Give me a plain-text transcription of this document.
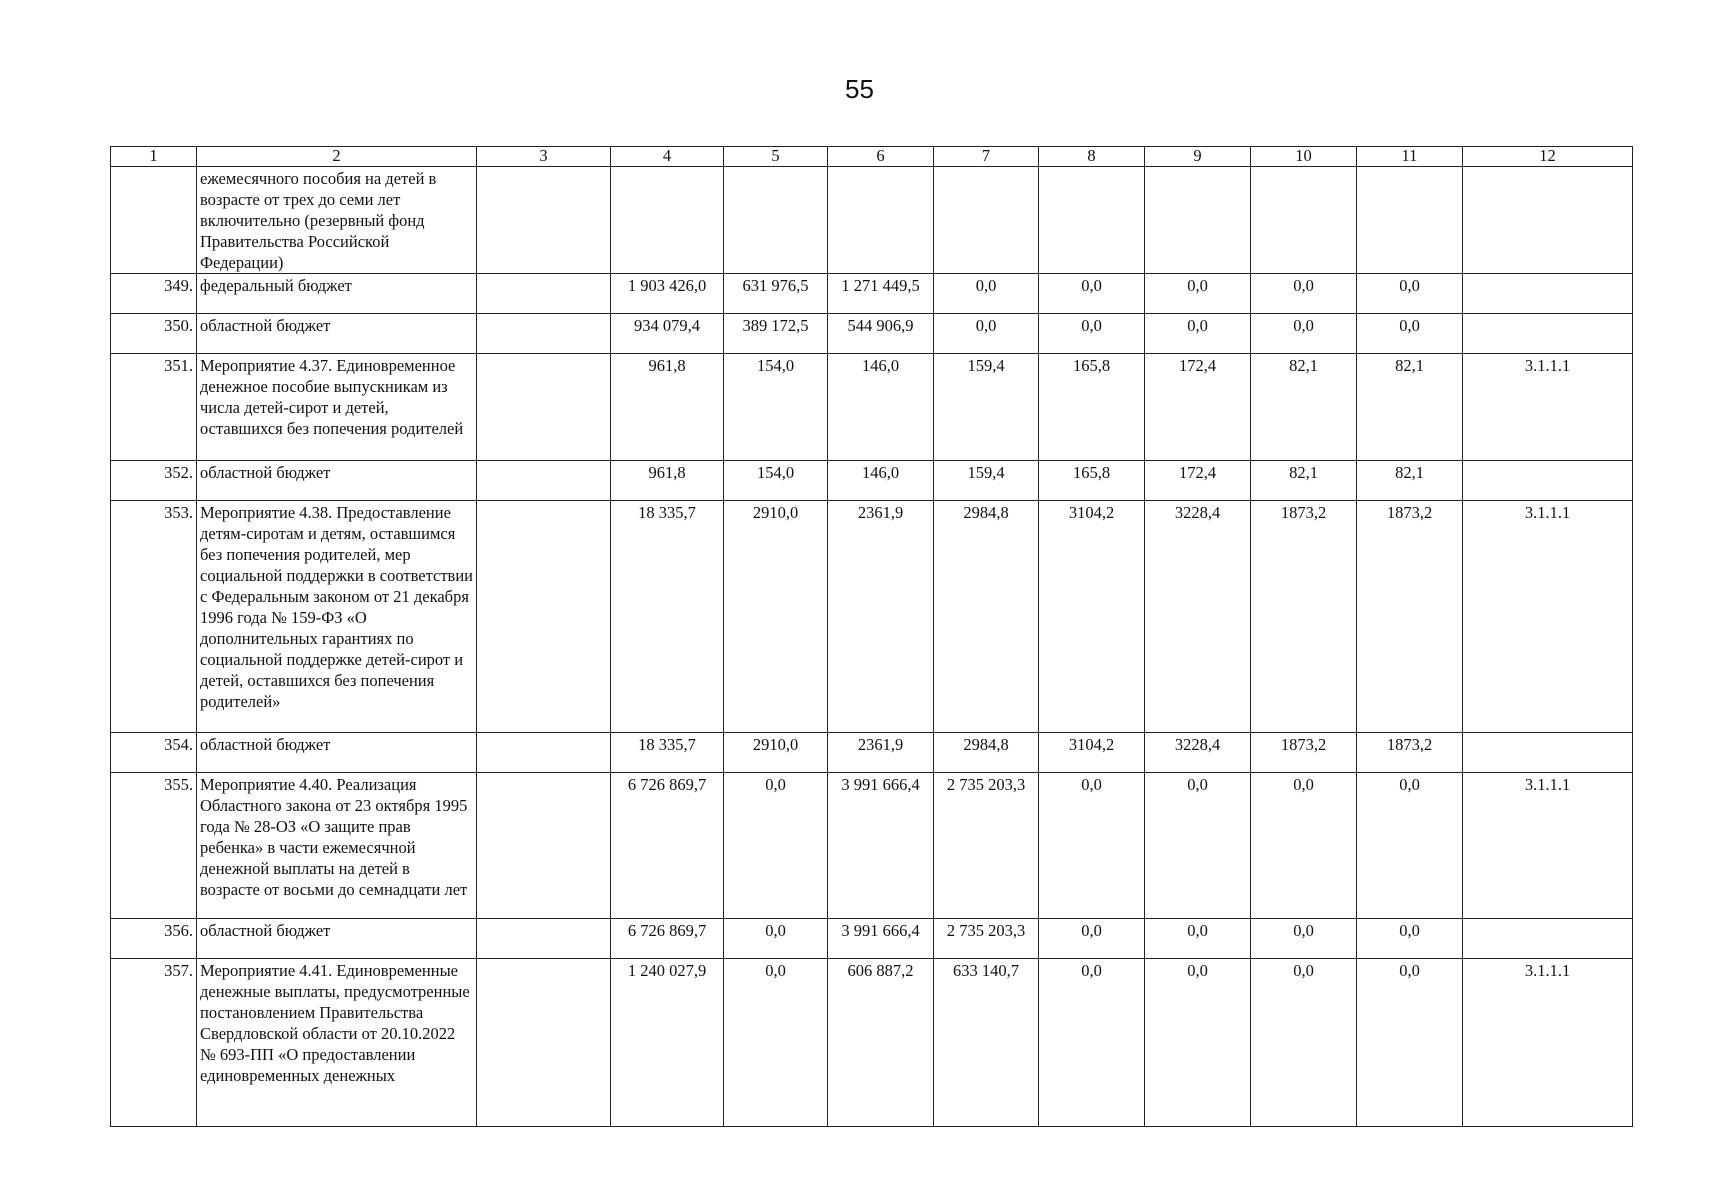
55
1	2	3	4	5	6	7	8	9	10	11	12
	ежемесячного пособия на детей в возрасте от трех до семи лет включительно (резервный фонд Правительства Российской Федерации)										
349.	федеральный бюджет		1 903 426,0	631 976,5	1 271 449,5	0,0	0,0	0,0	0,0	0,0	
350.	областной бюджет		934 079,4	389 172,5	544 906,9	0,0	0,0	0,0	0,0	0,0	
351.	Мероприятие 4.37. Единовременное денежное пособие выпускникам из числа детей-сирот и детей, оставшихся без попечения родителей		961,8	154,0	146,0	159,4	165,8	172,4	82,1	82,1	3.1.1.1
352.	областной бюджет		961,8	154,0	146,0	159,4	165,8	172,4	82,1	82,1	
353.	Мероприятие 4.38. Предоставление детям-сиротам и детям, оставшимся без попечения родителей, мер социальной поддержки в соответствии с Федеральным законом от 21 декабря 1996 года № 159-ФЗ «О дополнительных гарантиях по социальной поддержке детей-сирот и детей, оставшихся без попечения родителей»		18 335,7	2910,0	2361,9	2984,8	3104,2	3228,4	1873,2	1873,2	3.1.1.1
354.	областной бюджет		18 335,7	2910,0	2361,9	2984,8	3104,2	3228,4	1873,2	1873,2	
355.	Мероприятие 4.40. Реализация Областного закона от 23 октября 1995 года № 28-ОЗ «О защите прав ребенка» в части ежемесячной денежной выплаты на детей в возрасте от восьми до семнадцати лет		6 726 869,7	0,0	3 991 666,4	2 735 203,3	0,0	0,0	0,0	0,0	3.1.1.1
356.	областной бюджет		6 726 869,7	0,0	3 991 666,4	2 735 203,3	0,0	0,0	0,0	0,0	
357.	Мероприятие 4.41. Единовременные денежные выплаты, предусмотренные постановлением Правительства Свердловской области от 20.10.2022 № 693-ПП «О предоставлении единовременных денежных		1 240 027,9	0,0	606 887,2	633 140,7	0,0	0,0	0,0	0,0	3.1.1.1
